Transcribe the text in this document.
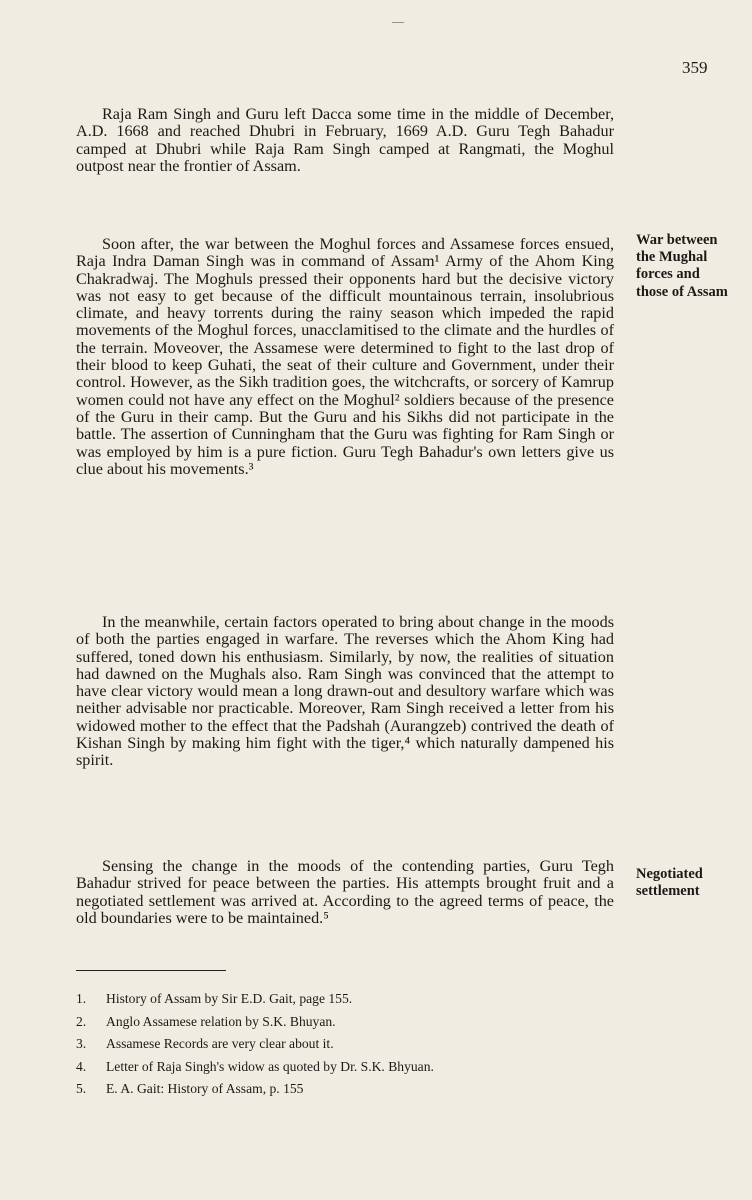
—
359

Raja Ram Singh and Guru left Dacca some time in the middle of December, A.D. 1668 and reached Dhubri in February, 1669 A.D. Guru Tegh Bahadur camped at Dhubri while Raja Ram Singh camped at Rangmati, the Moghul outpost near the frontier of Assam.

Soon after, the war between the Moghul forces and Assamese forces ensued, Raja Indra Daman Singh was in command of Assam¹ Army of the Ahom King Chakradwaj. The Moghuls pressed their opponents hard but the decisive victory was not easy to get because of the difficult mountainous terrain, insolubrious climate, and heavy torrents during the rainy season which impeded the rapid movements of the Moghul forces, unacclamitised to the climate and the hurdles of the terrain. Moveover, the Assamese were determined to fight to the last drop of their blood to keep Guhati, the seat of their culture and Government, under their control. However, as the Sikh tradition goes, the witchcrafts, or sorcery of Kamrup women could not have any effect on the Moghul² soldiers because of the presence of the Guru in their camp. But the Guru and his Sikhs did not participate in the battle. The assertion of Cunningham that the Guru was fighting for Ram Singh or was employed by him is a pure fiction. Guru Tegh Bahadur's own letters give us clue about his movements.³

In the meanwhile, certain factors operated to bring about change in the moods of both the parties engaged in warfare. The reverses which the Ahom King had suffered, toned down his enthusiasm. Similarly, by now, the realities of situation had dawned on the Mughals also. Ram Singh was convinced that the attempt to have clear victory would mean a long drawn-out and desultory warfare which was neither advisable nor practicable. Moreover, Ram Singh received a letter from his widowed mother to the effect that the Padshah (Aurangzeb) contrived the death of Kishan Singh by making him fight with the tiger,⁴ which naturally dampened his spirit.

Sensing the change in the moods of the contending parties, Guru Tegh Bahadur strived for peace between the parties. His attempts brought fruit and a negotiated settlement was arrived at. According to the agreed terms of peace, the old boundaries were to be maintained.⁵

War between the Mughal forces and those of Assam
Negotiated settlement
1.	History of Assam by Sir E.D. Gait, page 155.
2.	Anglo Assamese relation by S.K. Bhuyan.
3.	Assamese Records are very clear about it.
4.	Letter of Raja Singh's widow as quoted by Dr. S.K. Bhyuan.
5.	E. A. Gait: History of Assam, p. 155
